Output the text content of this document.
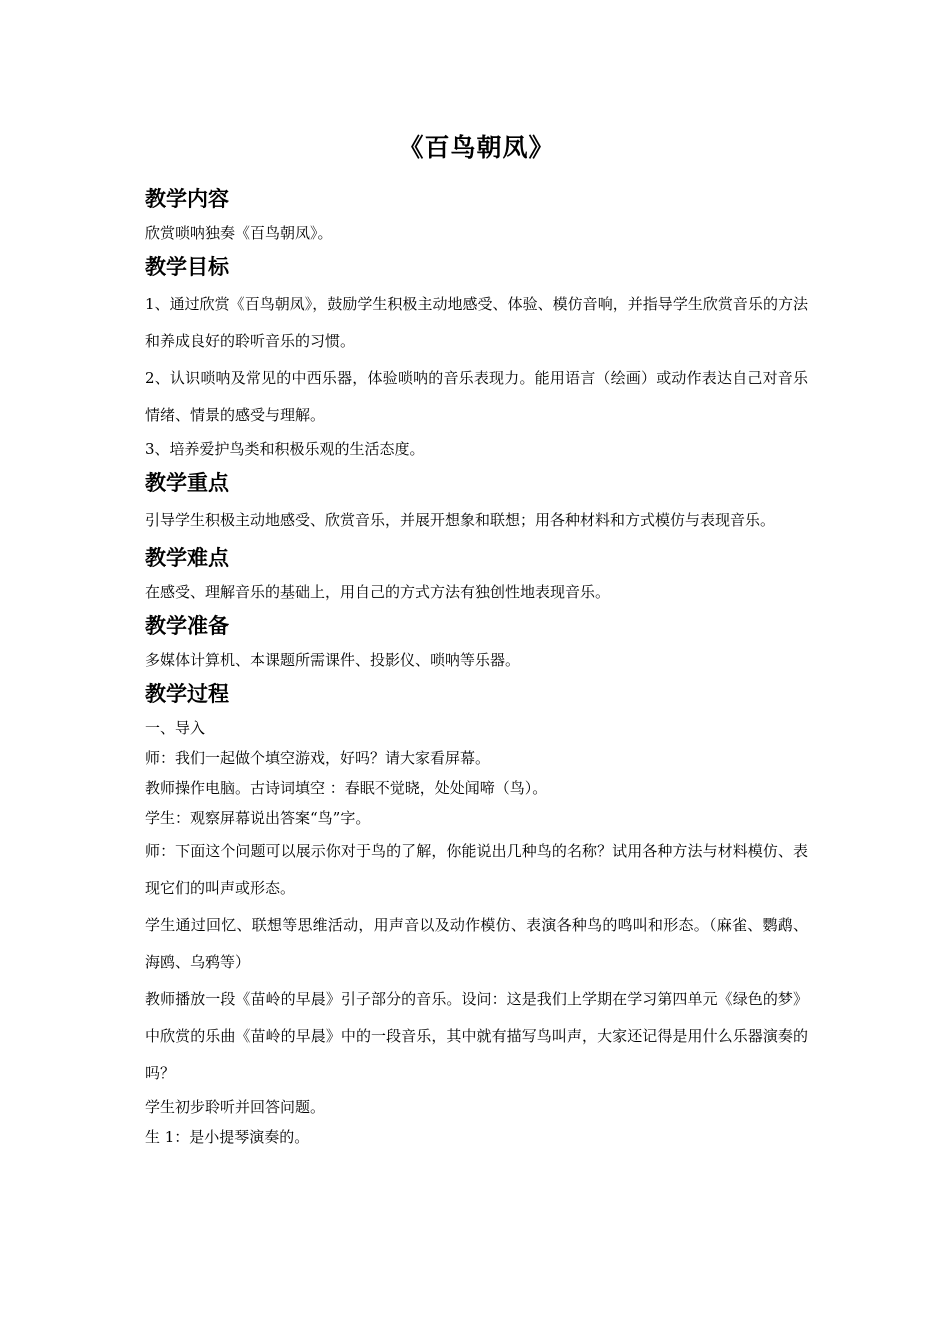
《百鸟朝凤》
教学内容

欣赏唢呐独奏《百鸟朝凤》。

教学目标

1、通过欣赏《百鸟朝凤》，鼓励学生积极主动地感受、体验、模仿音响，并指导学生欣赏音乐的方法和养成良好的聆听音乐的习惯。

2、认识唢呐及常见的中西乐器，体验唢呐的音乐表现力。能用语言（绘画）或动作表达自己对音乐情绪、情景的感受与理解。

3、培养爱护鸟类和积极乐观的生活态度。

教学重点

引导学生积极主动地感受、欣赏音乐，并展开想象和联想；用各种材料和方式模仿与表现音乐。

教学难点

在感受、理解音乐的基础上，用自己的方式方法有独创性地表现音乐。

教学准备

多媒体计算机、本课题所需课件、投影仪、唢呐等乐器。

教学过程

一、导入

师：我们一起做个填空游戏，好吗？请大家看屏幕。

教师操作电脑。古诗词填空 ：春眠不觉晓，处处闻啼（鸟）。

学生：观察屏幕说出答案“鸟”字。

师：下面这个问题可以展示你对于鸟的了解，你能说出几种鸟的名称？试用各种方法与材料模仿、表现它们的叫声或形态。

学生通过回忆、联想等思维活动，用声音以及动作模仿、表演各种鸟的鸣叫和形态。（麻雀、鹦鹉、海鸥、乌鸦等）

教师播放一段《苗岭的早晨》引子部分的音乐。设问：这是我们上学期在学习第四单元《绿色的梦》中欣赏的乐曲《苗岭的早晨》中的一段音乐，其中就有描写鸟叫声，大家还记得是用什么乐器演奏的吗？

学生初步聆听并回答问题。

生 1：是小提琴演奏的。
